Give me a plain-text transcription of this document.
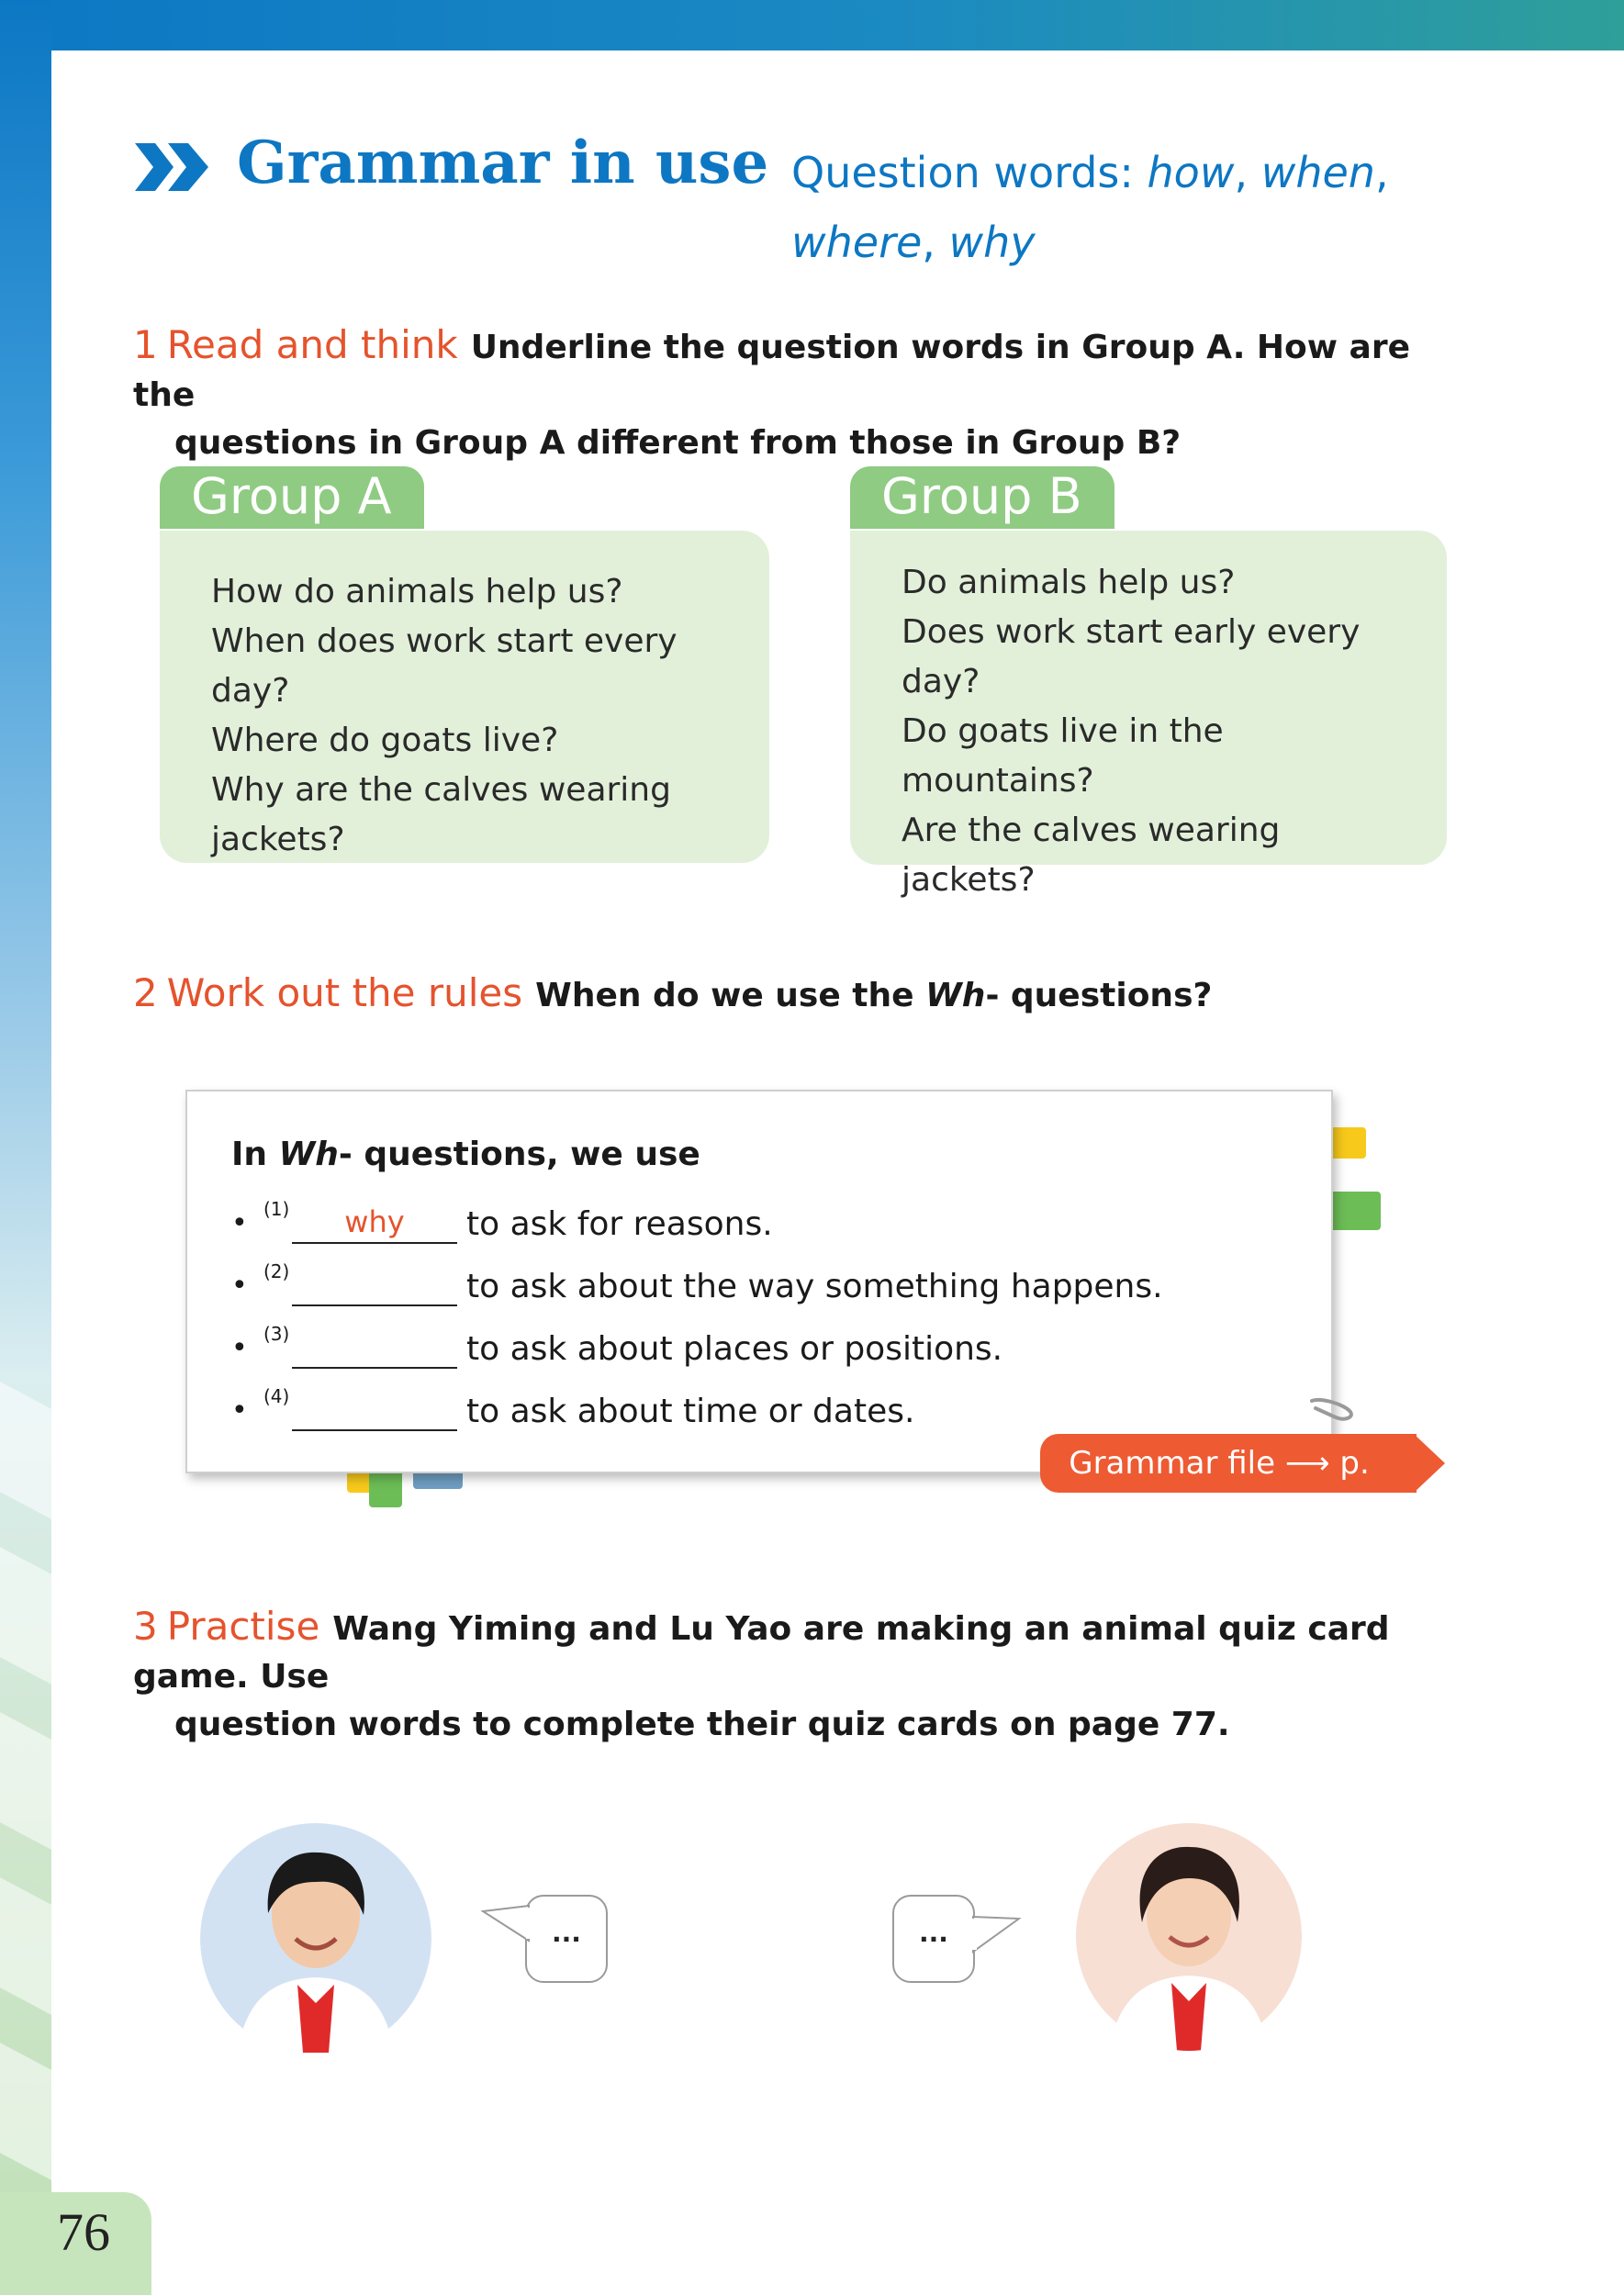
Grammar in use Question words: how, when,
where, why
1 Read and think Underline the question words in Group A. How are the
questions in Group A different from those in Group B?
Group A
How do animals help us?
When does work start every day?
Where do goats live?
Why are the calves wearing
jackets?
Group B
Do animals help us?
Does work start early every day?
Do goats live in the mountains?
Are the calves wearing jackets?
2 Work out the rules When do we use the Wh- questions?
In Wh- questions, we use
• (1)	why	to ask for reasons.
• (2)	to ask about the way something happens.
• (3)	to ask about places or positions.
• (4)	to ask about time or dates.
Grammar file ⟶ p. 130
3 Practise Wang Yiming and Lu Yao are making an animal quiz card game. Use
question words to complete their quiz cards on page 77.
...	...
76
